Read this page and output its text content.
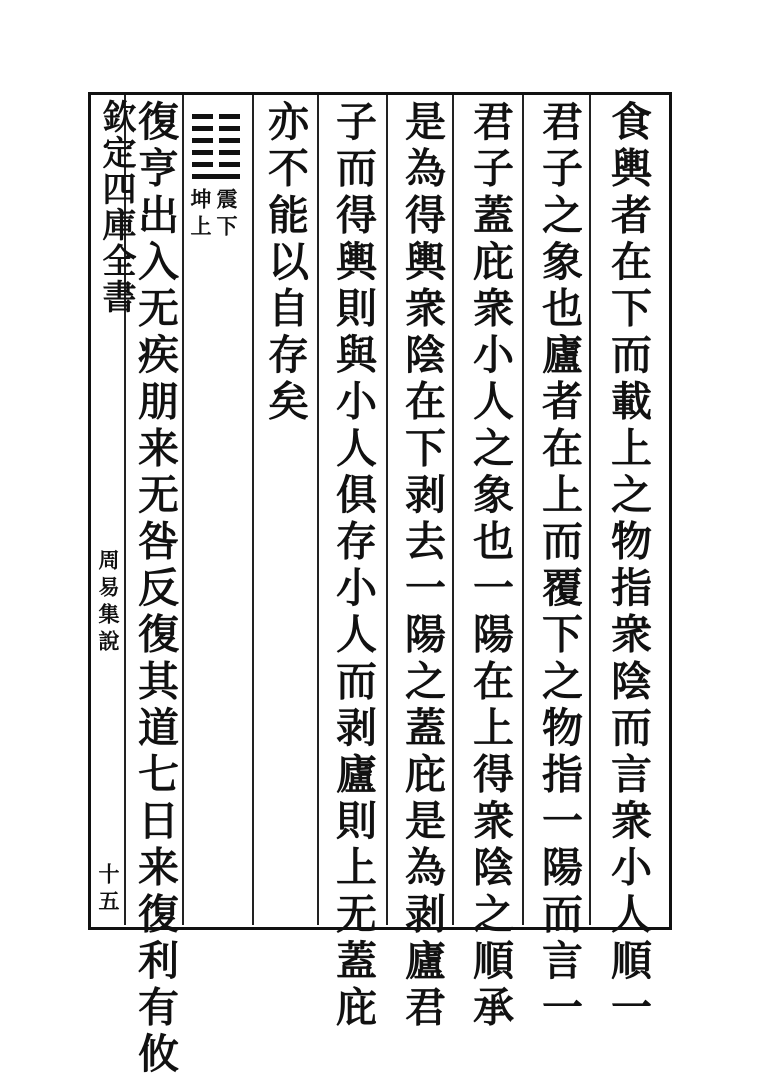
欽定四庫全書
周易集說
十五	食輿者在下而載上之物指衆陰而言衆小人順一
君子之象也廬者在上而覆下之物指一陽而言一
君子蓋庇衆小人之象也一陽在上得衆陰之順承
是為得輿衆陰在下剥去一陽之蓋庇是為剥廬君
子而得輿則與小人俱存小人而剥廬則上无蓋庇
亦不能以自存矣
震下
坤上
復亨出入无疾朋来无咎反復其道七日来復利有攸
